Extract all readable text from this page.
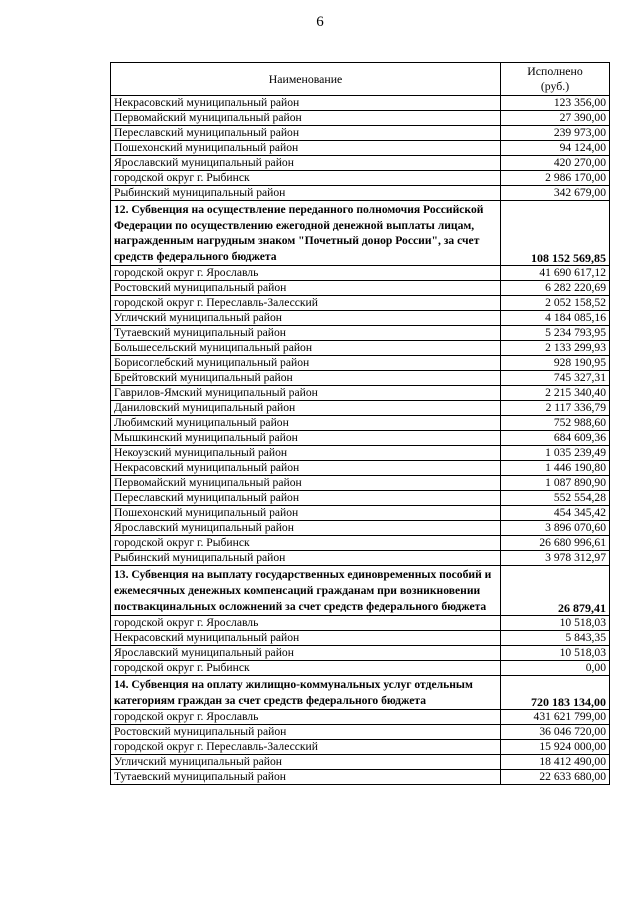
6
Наименование	Исполнено
(руб.)
Некрасовский муниципальный район	123 356,00
Первомайский муниципальный район	27 390,00
Переславский муниципальный район	239 973,00
Пошехонский муниципальный район	94 124,00
Ярославский муниципальный район	420 270,00
городской округ г. Рыбинск	2 986 170,00
Рыбинский муниципальный район	342 679,00
12. Субвенция на осуществление переданного полномочия Российской Федерации по осуществлению ежегодной денежной выплаты лицам, награжденным нагрудным знаком "Почетный донор России", за счет средств федерального бюджета	108 152 569,85
городской округ г. Ярославль	41 690 617,12
Ростовский муниципальный район	6 282 220,69
городской округ г. Переславль-Залесский	2 052 158,52
Угличский муниципальный район	4 184 085,16
Тутаевский муниципальный район	5 234 793,95
Большесельский муниципальный район	2 133 299,93
Борисоглебский муниципальный район	928 190,95
Брейтовский муниципальный район	745 327,31
Гаврилов-Ямский муниципальный район	2 215 340,40
Даниловский муниципальный район	2 117 336,79
Любимский муниципальный район	752 988,60
Мышкинский муниципальный район	684 609,36
Некоузский муниципальный район	1 035 239,49
Некрасовский муниципальный район	1 446 190,80
Первомайский муниципальный район	1 087 890,90
Переславский муниципальный район	552 554,28
Пошехонский муниципальный район	454 345,42
Ярославский муниципальный район	3 896 070,60
городской округ г. Рыбинск	26 680 996,61
Рыбинский муниципальный район	3 978 312,97
13. Субвенция на выплату государственных единовременных пособий и ежемесячных денежных компенсаций гражданам при возникновении поствакцинальных осложнений за счет средств федерального бюджета	26 879,41
городской округ г. Ярославль	10 518,03
Некрасовский муниципальный район	5 843,35
Ярославский муниципальный район	10 518,03
городской округ г. Рыбинск	0,00
14. Субвенция на оплату жилищно-коммунальных услуг отдельным категориям граждан за счет средств федерального бюджета	720 183 134,00
городской округ г. Ярославль	431 621 799,00
Ростовский муниципальный район	36 046 720,00
городской округ г. Переславль-Залесский	15 924 000,00
Угличский муниципальный район	18 412 490,00
Тутаевский муниципальный район	22 633 680,00
